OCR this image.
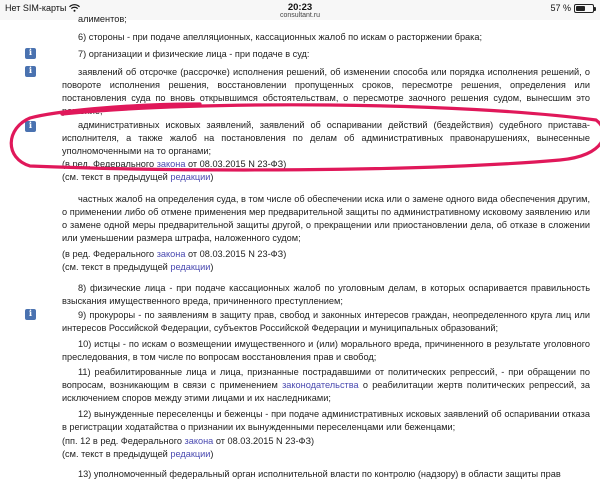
Нет SIM-карты	20:23
consultant.ru
57 %
алиментов;
6) стороны - при подаче апелляционных, кассационных жалоб по искам о расторжении брака;
i	7) организации и физические лица - при подаче в суд:
i	заявлений об отсрочке (рассрочке) исполнения решений, об изменении способа или порядка исполнения решений, о повороте исполнения решения, восстановлении пропущенных сроков, пересмотре решения, определения или постановления суда по вновь открывшимся обстоятельствам, о пересмотре заочного решения судом, вынесшим это решение;
i	административных исковых заявлений, заявлений об оспаривании действий (бездействия) судебного пристава-исполнителя, а также жалоб на постановления по делам об административных правонарушениях, вынесенные уполномоченными на то органами;
(в ред. Федерального закона от 08.03.2015 N 23-ФЗ)
(см. текст в предыдущей редакции)
частных жалоб на определения суда, в том числе об обеспечении иска или о замене одного вида обеспечения другим, о применении либо об отмене применения мер предварительной защиты по административному исковому заявлению или о замене одной меры предварительной защиты другой, о прекращении или приостановлении дела, об отказе в сложении или уменьшении размера штрафа, наложенного судом;
(в ред. Федерального закона от 08.03.2015 N 23-ФЗ)
(см. текст в предыдущей редакции)
8) физические лица - при подаче кассационных жалоб по уголовным делам, в которых оспаривается правильность взыскания имущественного вреда, причиненного преступлением;
i	9) прокуроры - по заявлениям в защиту прав, свобод и законных интересов граждан, неопределенного круга лиц или интересов Российской Федерации, субъектов Российской Федерации и муниципальных образований;
10) истцы - по искам о возмещении имущественного и (или) морального вреда, причиненного в результате уголовного преследования, в том числе по вопросам восстановления прав и свобод;
11) реабилитированные лица и лица, признанные пострадавшими от политических репрессий, - при обращении по вопросам, возникающим в связи с применением законодательства о реабилитации жертв политических репрессий, за исключением споров между этими лицами и их наследниками;
12) вынужденные переселенцы и беженцы - при подаче административных исковых заявлений об оспаривании отказа в регистрации ходатайства о признании их вынужденными переселенцами или беженцами;
(пп. 12 в ред. Федерального закона от 08.03.2015 N 23-ФЗ)
(см. текст в предыдущей редакции)
13) уполномоченный федеральный орган исполнительной власти по контролю (надзору) в области защиты прав
